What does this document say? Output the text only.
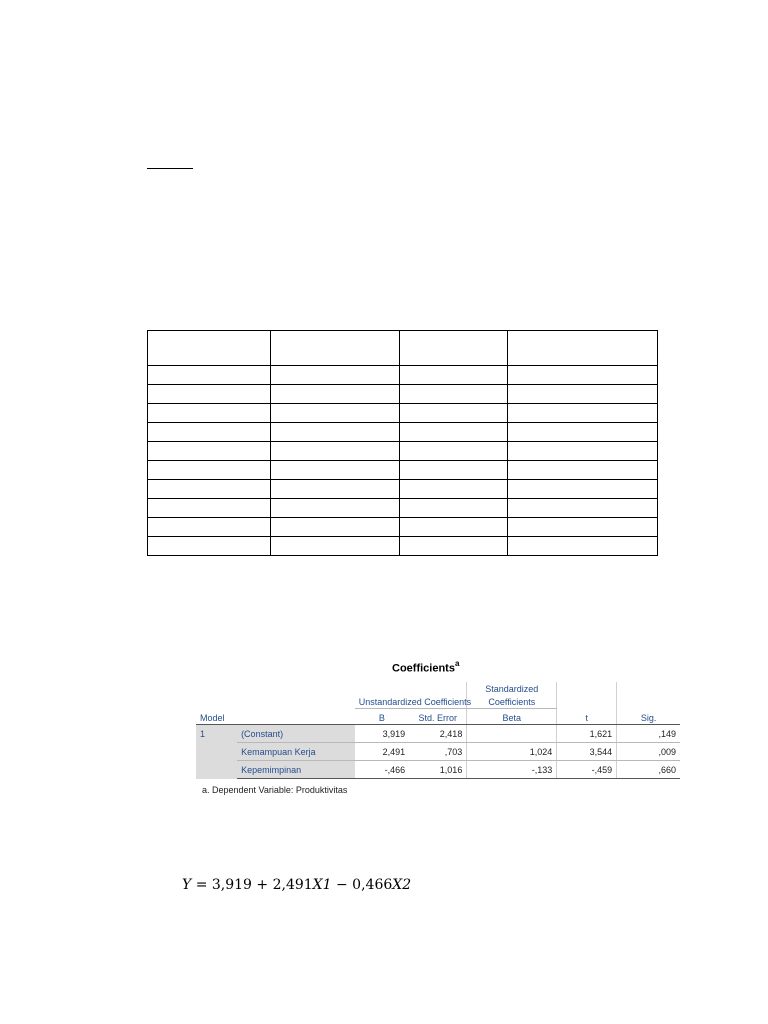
Coefficients$^a$
				Standardized		
		Unstandardized Coefficients		Coefficients		
Model		B	Std. Error	Beta	t	Sig.
1	(Constant)	3,919	2,418		1,621	,149
	Kemampuan Kerja	2,491	,703	1,024	3,544	,009
	Kepemimpinan	-,466	1,016	-,133	-,459	,660
a. Dependent Variable: Produktivitas
Y = 3,919 + 2,491X1 − 0,466X2
